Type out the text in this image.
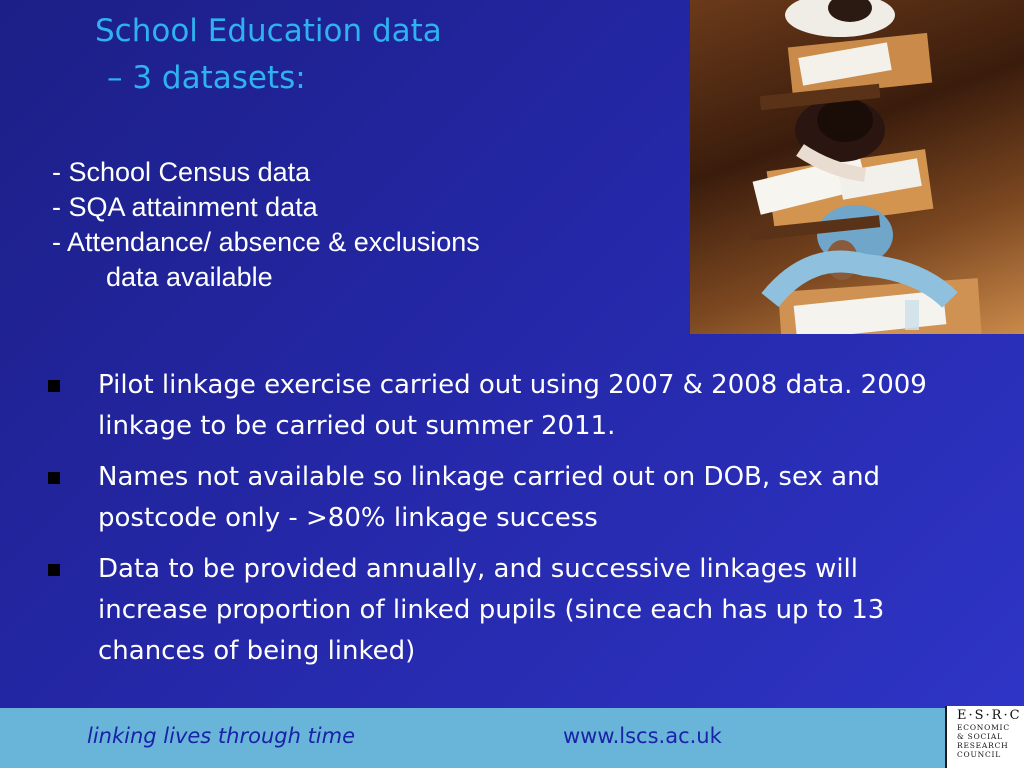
School Education data
– 3 datasets:
- School Census data
- SQA attainment data
- Attendance/ absence & exclusions
data available
Pilot linkage exercise carried out using 2007 & 2008 data. 2009 linkage to be carried out summer 2011.
Names not available so linkage carried out on DOB, sex and postcode only - >80% linkage success
Data to be provided annually, and successive linkages will increase proportion of linked pupils (since each has up to 13 chances of being linked)
linking lives through time	www.lscs.ac.uk
E·S·R·C
ECONOMIC
& SOCIAL
RESEARCH
COUNCIL
